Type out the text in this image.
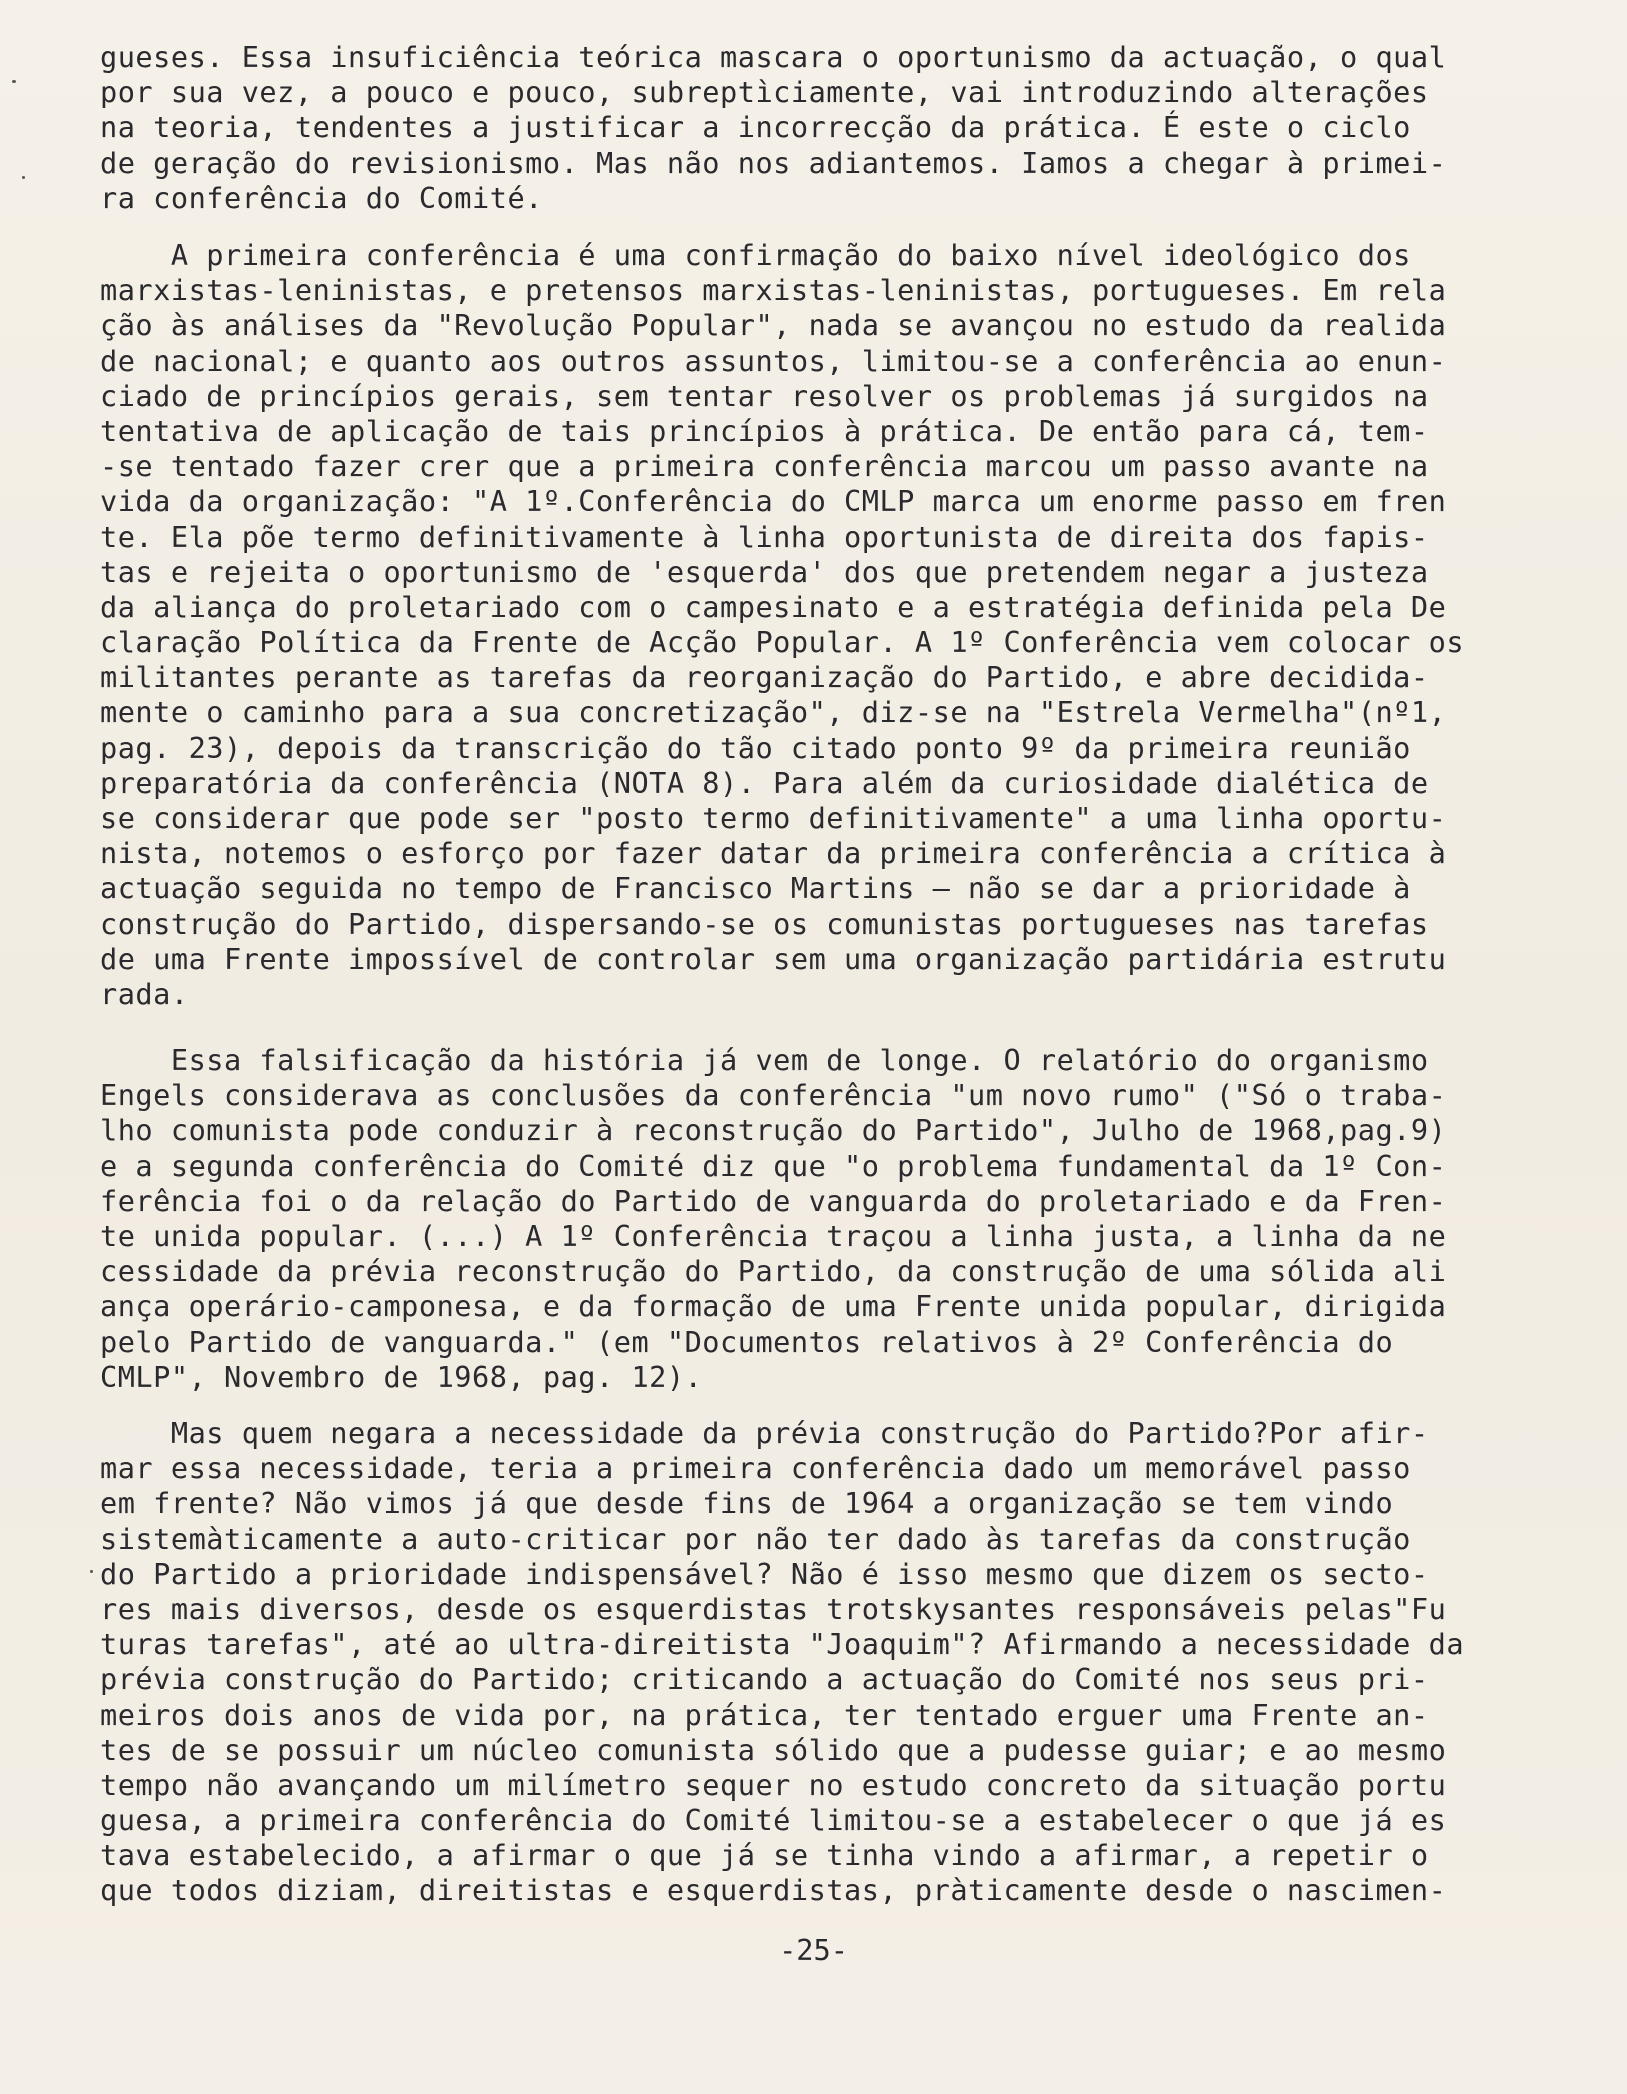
gueses. Essa insuficiência teórica mascara o oportunismo da actuação, o qual
por sua vez, a pouco e pouco, subreptìciamente, vai introduzindo alterações
na teoria, tendentes a justificar a incorrecção da prática. É este o ciclo
de geração do revisionismo. Mas não nos adiantemos. Iamos a chegar à primei-
ra conferência do Comité.
A primeira conferência é uma confirmação do baixo nível ideológico dos
marxistas-leninistas, e pretensos marxistas-leninistas, portugueses. Em rela
ção às análises da "Revolução Popular", nada se avançou no estudo da realida
de nacional; e quanto aos outros assuntos, limitou-se a conferência ao enun-
ciado de princípios gerais, sem tentar resolver os problemas já surgidos na
tentativa de aplicação de tais princípios à prática. De então para cá, tem-
-se tentado fazer crer que a primeira conferência marcou um passo avante na
vida da organização: "A 1º.Conferência do CMLP marca um enorme passo em fren
te. Ela põe termo definitivamente à linha oportunista de direita dos fapis-
tas e rejeita o oportunismo de 'esquerda' dos que pretendem negar a justeza
da aliança do proletariado com o campesinato e a estratégia definida pela De
claração Política da Frente de Acção Popular. A 1º Conferência vem colocar os
militantes perante as tarefas da reorganização do Partido, e abre decidida-
mente o caminho para a sua concretização", diz-se na "Estrela Vermelha"(nº1,
pag. 23), depois da transcrição do tão citado ponto 9º da primeira reunião
preparatória da conferência (NOTA 8). Para além da curiosidade dialética de
se considerar que pode ser "posto termo definitivamente" a uma linha oportu-
nista, notemos o esforço por fazer datar da primeira conferência a crítica à
actuação seguida no tempo de Francisco Martins — não se dar a prioridade à
construção do Partido, dispersando-se os comunistas portugueses nas tarefas
de uma Frente impossível de controlar sem uma organização partidária estrutu
rada.
Essa falsificação da história já vem de longe. O relatório do organismo
Engels considerava as conclusões da conferência "um novo rumo" ("Só o traba-
lho comunista pode conduzir à reconstrução do Partido", Julho de 1968,pag.9)
e a segunda conferência do Comité diz que "o problema fundamental da 1º Con-
ferência foi o da relação do Partido de vanguarda do proletariado e da Fren-
te unida popular. (...) A 1º Conferência traçou a linha justa, a linha da ne
cessidade da prévia reconstrução do Partido, da construção de uma sólida ali
ança operário-camponesa, e da formação de uma Frente unida popular, dirigida
pelo Partido de vanguarda." (em "Documentos relativos à 2º Conferência do
CMLP", Novembro de 1968, pag. 12).
Mas quem negara a necessidade da prévia construção do Partido?Por afir-
mar essa necessidade, teria a primeira conferência dado um memorável passo
em frente? Não vimos já que desde fins de 1964 a organização se tem vindo
sistemàticamente a auto-criticar por não ter dado às tarefas da construção
do Partido a prioridade indispensável? Não é isso mesmo que dizem os secto-
res mais diversos, desde os esquerdistas trotskysantes responsáveis pelas"Fu
turas tarefas", até ao ultra-direitista "Joaquim"? Afirmando a necessidade da
prévia construção do Partido; criticando a actuação do Comité nos seus pri-
meiros dois anos de vida por, na prática, ter tentado erguer uma Frente an-
tes de se possuir um núcleo comunista sólido que a pudesse guiar; e ao mesmo
tempo não avançando um milímetro sequer no estudo concreto da situação portu
guesa, a primeira conferência do Comité limitou-se a estabelecer o que já es
tava estabelecido, a afirmar o que já se tinha vindo a afirmar, a repetir o
que todos diziam, direitistas e esquerdistas, pràticamente desde o nascimen-
-25-
